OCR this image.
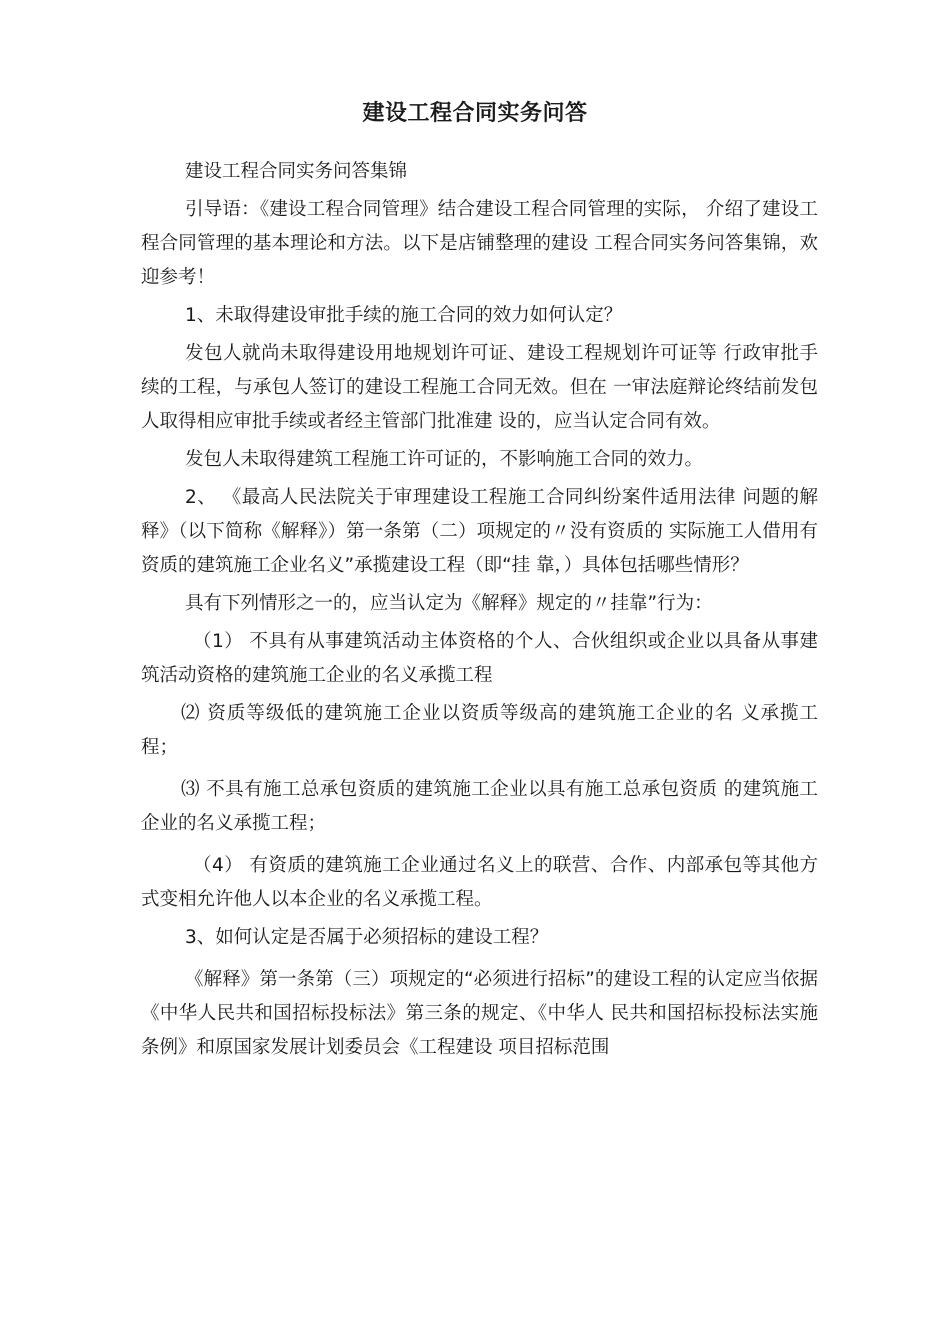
建设工程合同实务问答

建设工程合同实务问答集锦

引导语：《建设工程合同管理》结合建设工程合同管理的实际， 介绍了建设工程合同管理的基本理论和方法。以下是店铺整理的建设 工程合同实务问答集锦，欢迎参考！

1、未取得建设审批手续的施工合同的效力如何认定？

发包人就尚未取得建设用地规划许可证、建设工程规划许可证等 行政审批手续的工程，与承包人签订的建设工程施工合同无效。但在 一审法庭辩论终结前发包人取得相应审批手续或者经主管部门批准建 设的，应当认定合同有效。

发包人未取得建筑工程施工许可证的，不影响施工合同的效力。

2、 《最高人民法院关于审理建设工程施工合同纠纷案件适用法律 问题的解释》（以下简称《解释》）第一条第（二）项规定的〃没有资质的 实际施工人借用有资质的建筑施工企业名义”承揽建设工程（即“挂 靠，）具体包括哪些情形？

具有下列情形之一的，应当认定为《解释》规定的〃挂靠”行为：

（1） 不具有从事建筑活动主体资格的个人、合伙组织或企业以具备从事建筑活动资格的建筑施工企业的名义承揽工程

⑵ 资质等级低的建筑施工企业以资质等级高的建筑施工企业的名 义承揽工程；

⑶ 不具有施工总承包资质的建筑施工企业以具有施工总承包资质 的建筑施工企业的名义承揽工程；

（4） 有资质的建筑施工企业通过名义上的联营、合作、内部承包等其他方式变相允许他人以本企业的名义承揽工程。

3、如何认定是否属于必须招标的建设工程？

《解释》第一条第（三）项规定的“必须进行招标”的建设工程的认定应当依据《中华人民共和国招标投标法》第三条的规定、《中华人 民共和国招标投标法实施条例》和原国家发展计划委员会《工程建设 项目招标范围
